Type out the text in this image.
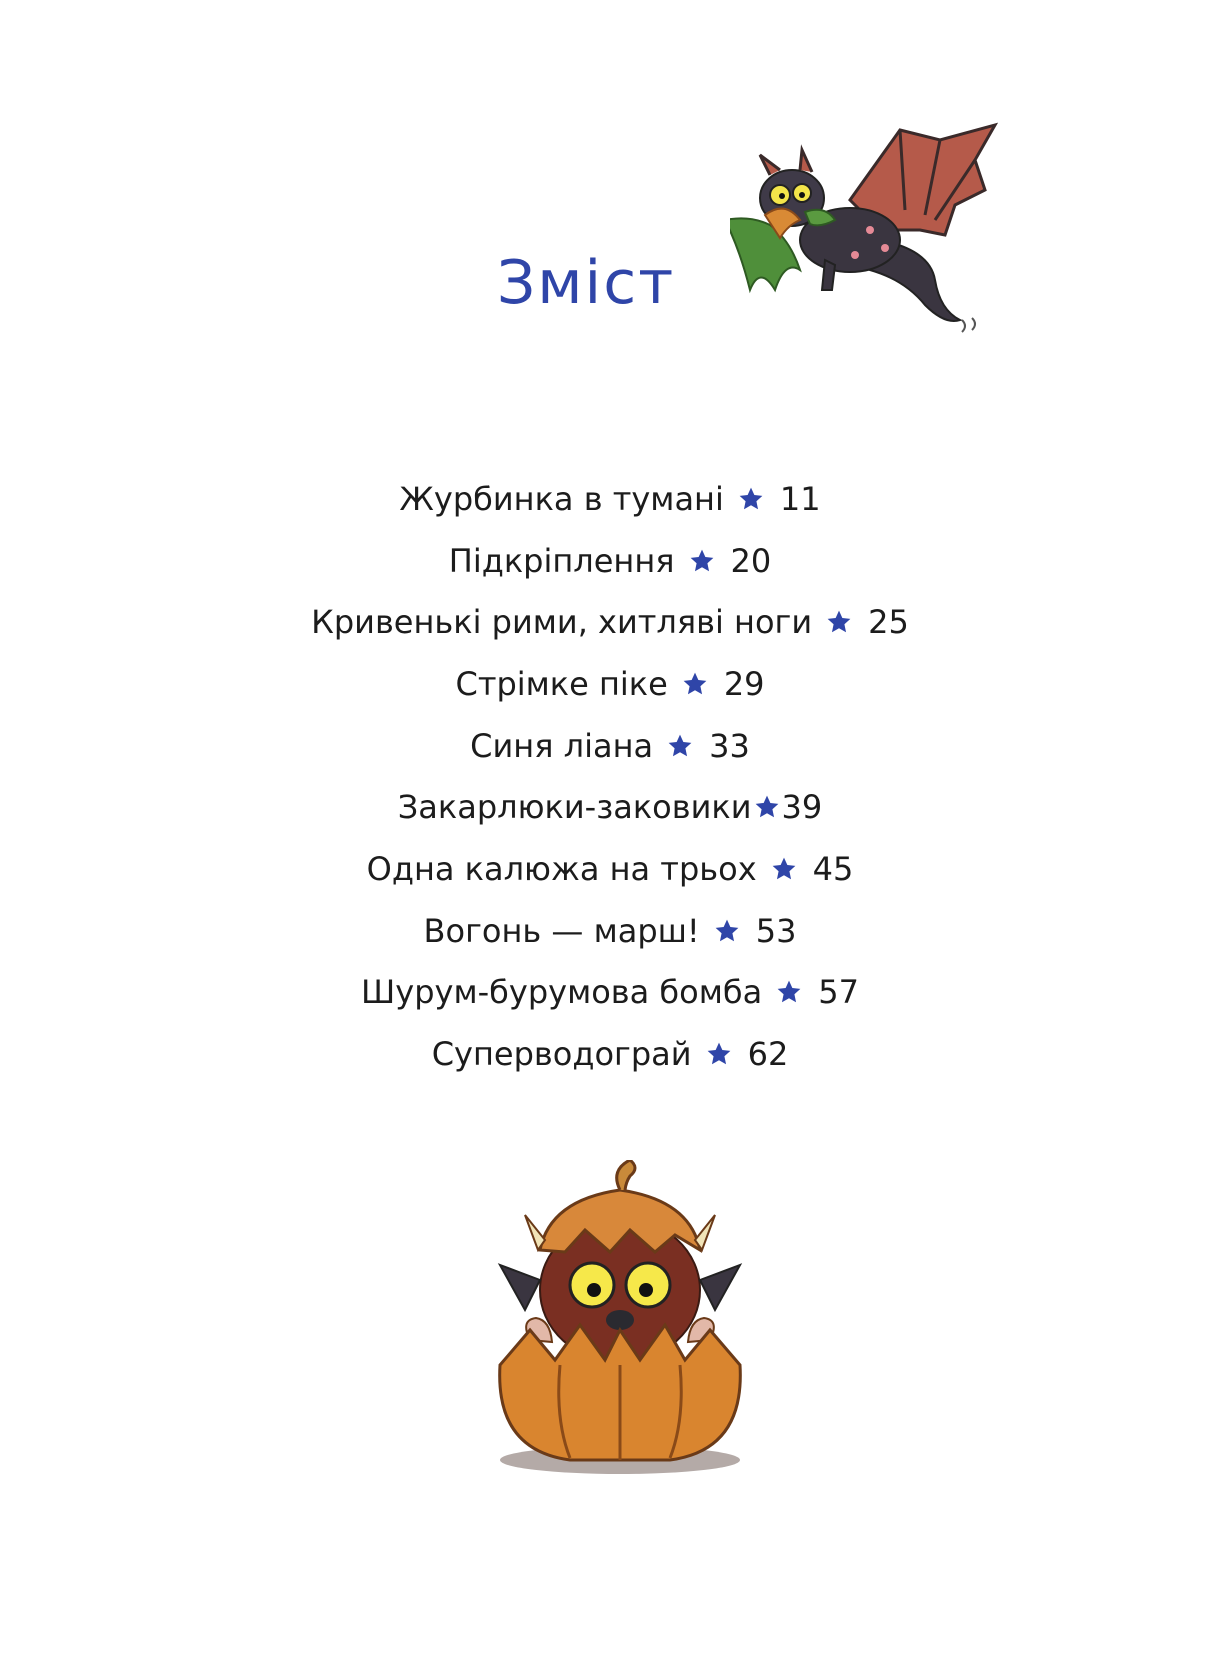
Зміст
Журбинка в тумані 11
Підкріплення 20
Кривенькі рими, хитляві ноги 25
Стрімке піке 29
Синя ліана 33
Закарлюки-заковики 39
Одна калюжа на трьох 45
Вогонь — марш! 53
Шурум-бурумова бомба 57
Суперводограй 62
